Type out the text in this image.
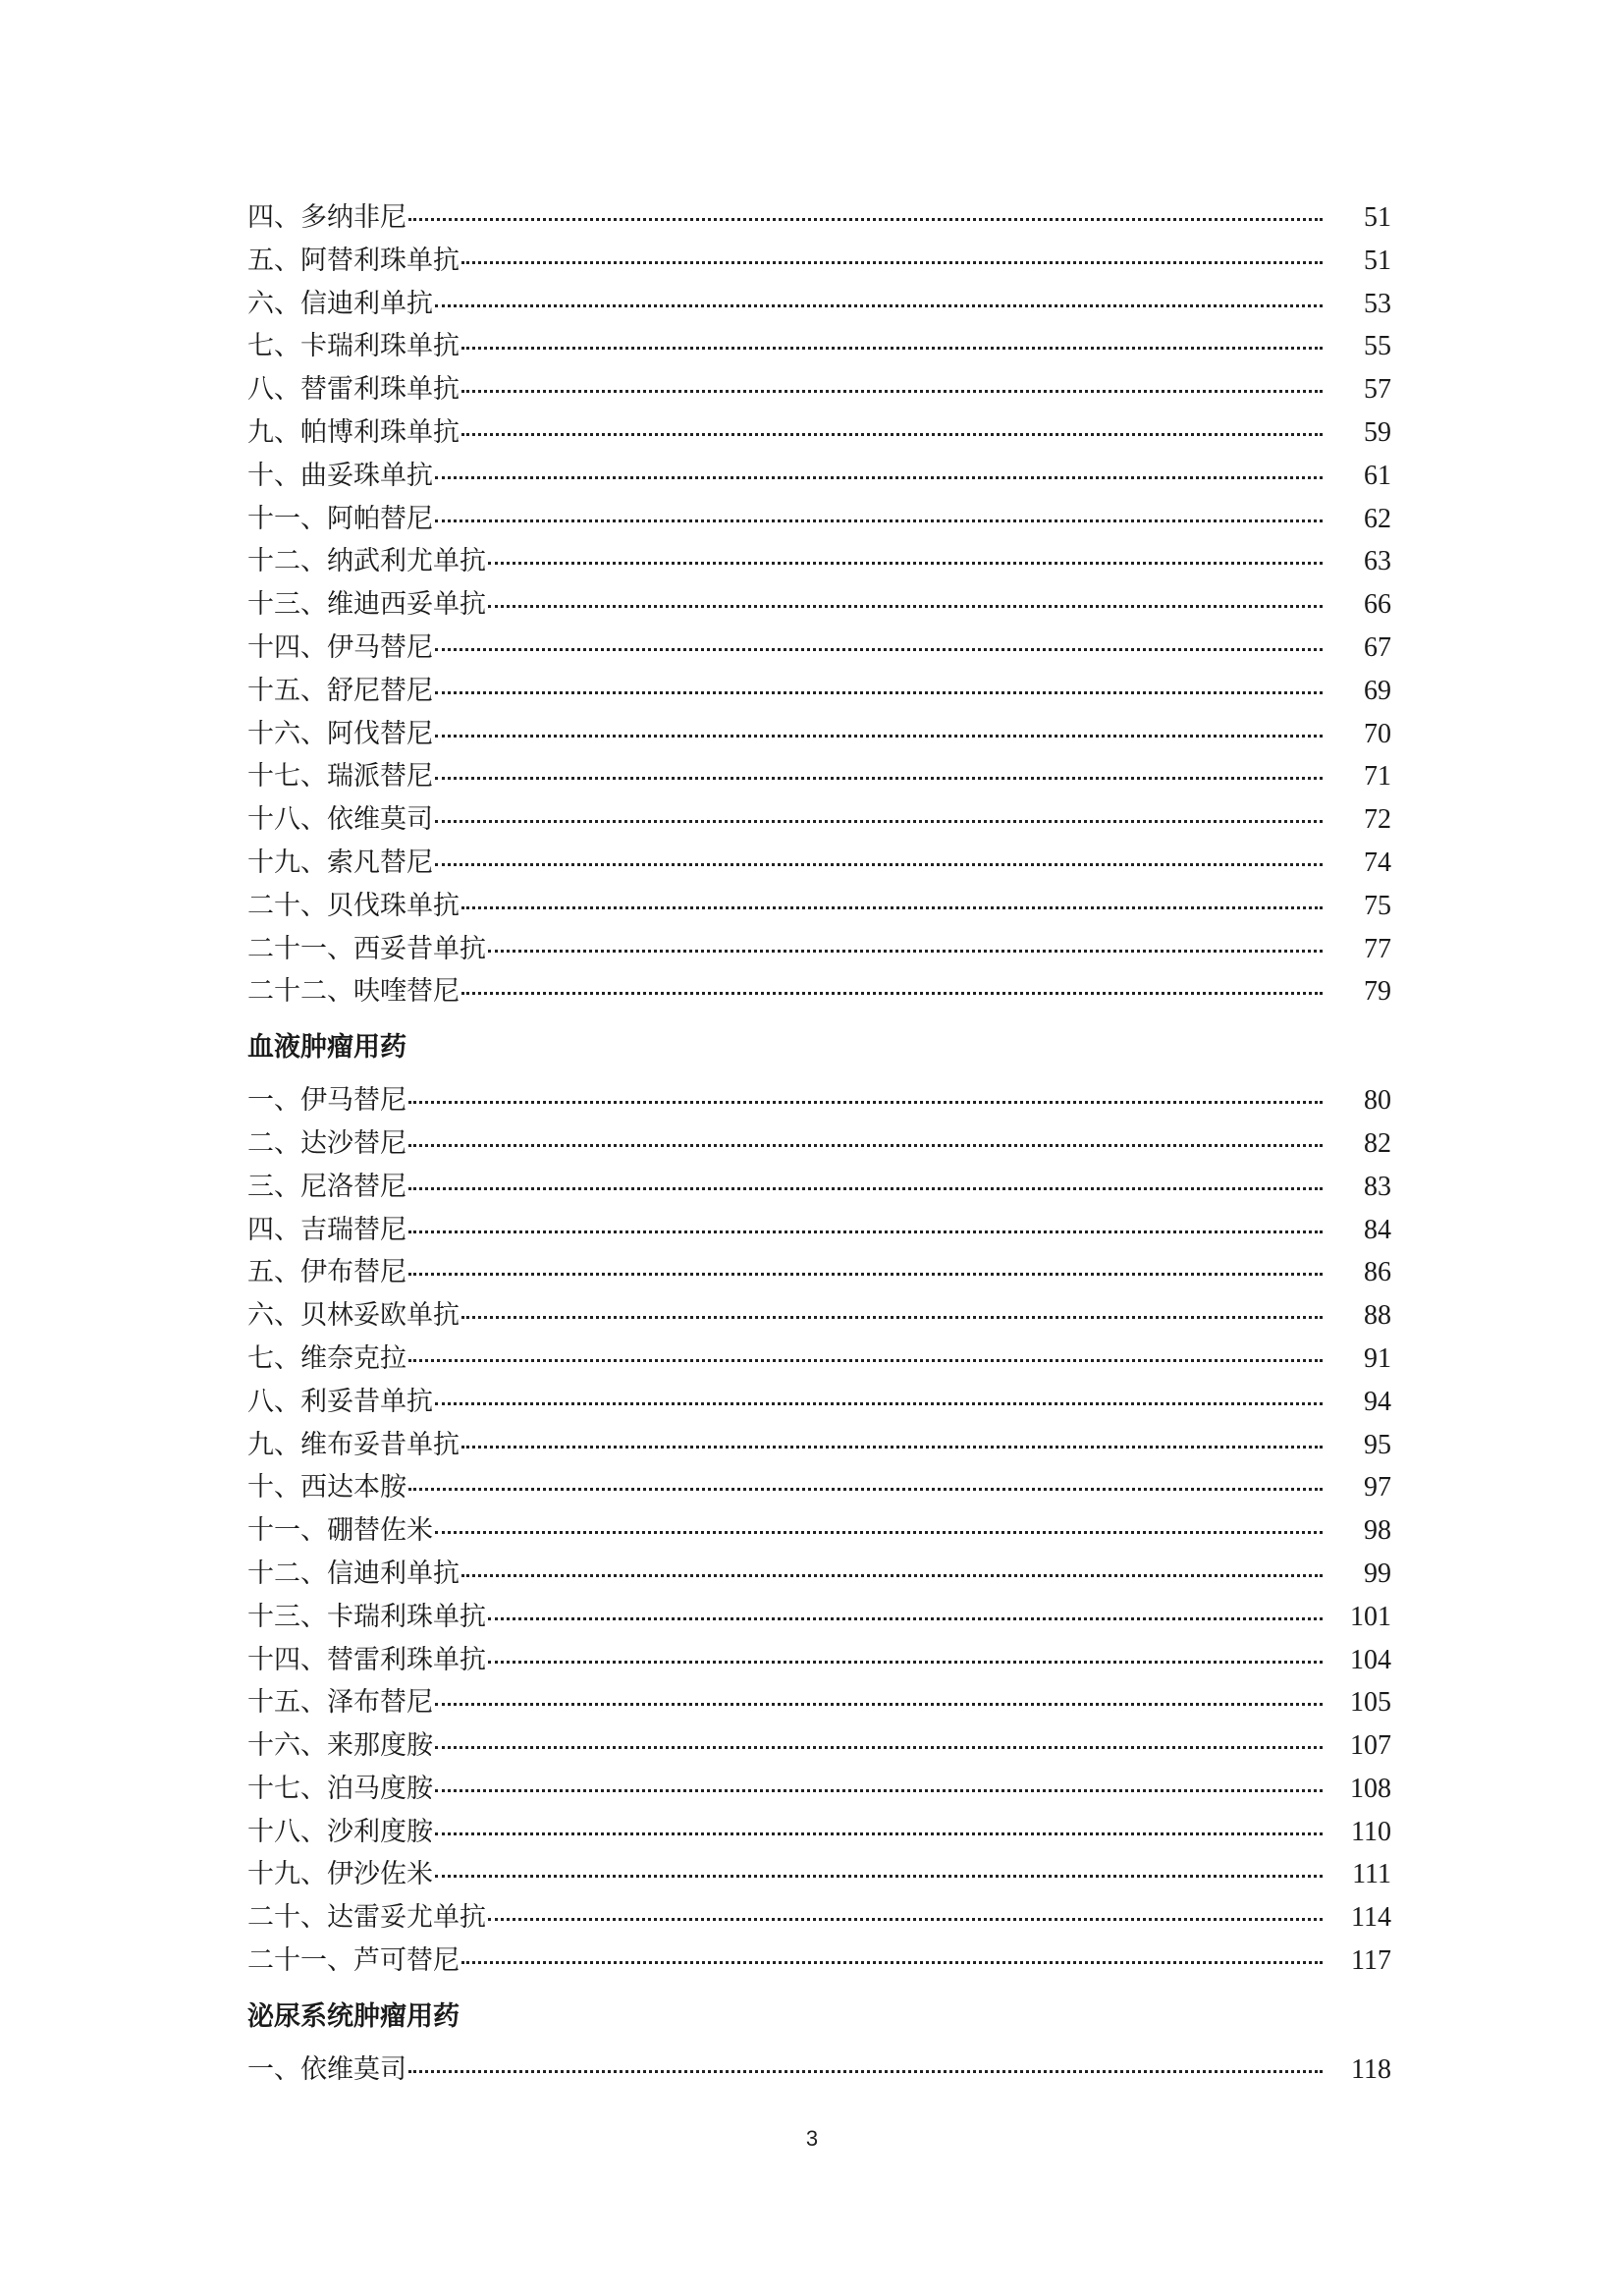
四、多纳非尼	51
五、阿替利珠单抗	51
六、信迪利单抗	53
七、卡瑞利珠单抗	55
八、替雷利珠单抗	57
九、帕博利珠单抗	59
十、曲妥珠单抗	61
十一、阿帕替尼	62
十二、纳武利尤单抗	63
十三、维迪西妥单抗	66
十四、伊马替尼	67
十五、舒尼替尼	69
十六、阿伐替尼	70
十七、瑞派替尼	71
十八、依维莫司	72
十九、索凡替尼	74
二十、贝伐珠单抗	75
二十一、西妥昔单抗	77
二十二、呋喹替尼	79
血液肿瘤用药
一、伊马替尼	80
二、达沙替尼	82
三、尼洛替尼	83
四、吉瑞替尼	84
五、伊布替尼	86
六、贝林妥欧单抗	88
七、维奈克拉	91
八、利妥昔单抗	94
九、维布妥昔单抗	95
十、西达本胺	97
十一、硼替佐米	98
十二、信迪利单抗	99
十三、卡瑞利珠单抗	101
十四、替雷利珠单抗	104
十五、泽布替尼	105
十六、来那度胺	107
十七、泊马度胺	108
十八、沙利度胺	110
十九、伊沙佐米	111
二十、达雷妥尤单抗	114
二十一、芦可替尼	117
泌尿系统肿瘤用药
一、依维莫司	118
3
